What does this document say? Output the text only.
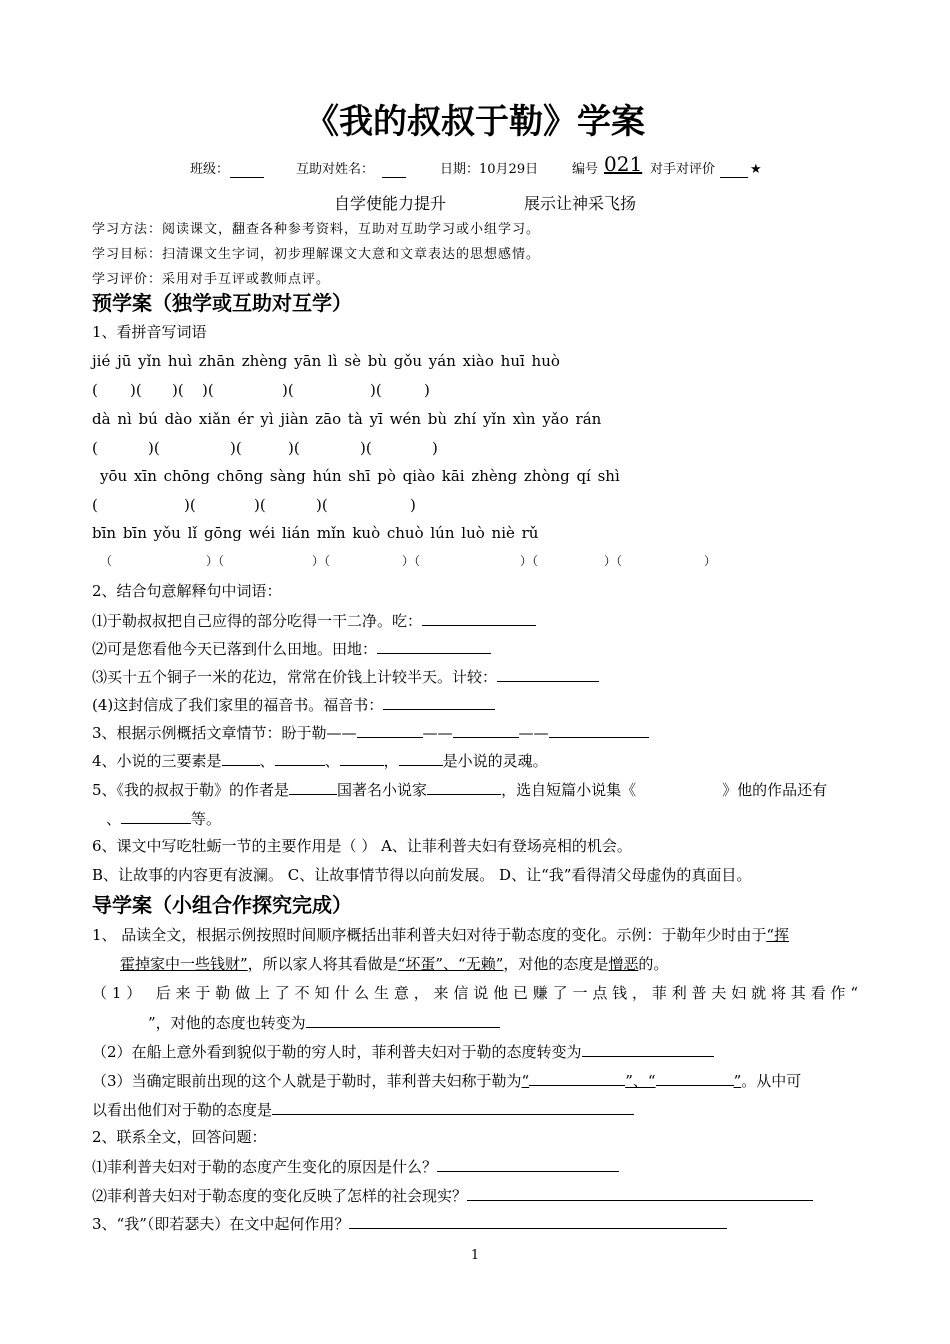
《我的叔叔于勒》学案
班级：	互助对姓名：	日期：10月29日	编号 021 对手对评价	★
自学使能力提升	展示让神采飞扬
学习方法：阅读课文，翻查各种参考资料，互助对互助学习或小组学习。
学习目标：扫清课文生字词，初步理解课文大意和文章表达的思想感情。
学习评价：采用对手互评或教师点评。
预学案（独学或互助对互学）
1、看拼音写词语
jié jū yǐn huì zhān zhèng yān lì sè bù gǒu yán xiào huī huò
( )( )( )(	)(	)(	)
dà nì bú dào xiǎn ér yì jiàn zāo tà yī wén bù zhí yǐn xìn yǎo rán
(	)(	)(	)(	)(	)
yōu xīn chōng chōng sàng hún shī pò qiào kāi zhèng zhòng qí shì
(	)(	)(	)(	)
bīn bīn yǒu lǐ gōng wéi lián mǐn kuò chuò lún luò niè rǔ
（	）（	）（	）（	）（	）（	）
2、结合句意解释句中词语：
⑴于勒叔叔把自己应得的部分吃得一干二净。吃：
⑵可是您看他今天已落到什么田地。田地：
⑶买十五个铜子一米的花边，常常在价钱上计较半天。计较：
(4)这封信成了我们家里的福音书。福音书：
3、根据示例概括文章情节：盼于勒——	——	——
4、小说的三要素是	、	、	，	是小说的灵魂。
5、《我的叔叔于勒》的作者是	国著名小说家	，选自短篇小说集《	》他的作品还有
、	等。
6、课文中写吃牡蛎一节的主要作用是（ ） A、让菲利普夫妇有登场亮相的机会。
B、让故事的内容更有波澜。 C、让故事情节得以向前发展。 D、让“我”看得清父母虚伪的真面目。
导学案（小组合作探究完成）
1、 品读全文，根据示例按照时间顺序概括出菲利普夫妇对待于勒态度的变化。示例：于勒年少时由于“挥
霍掉家中一些钱财”，所以家人将其看做是“坏蛋”、“无赖”，对他的态度是憎恶的。
（1） 后来于勒做上了不知什么生意，来信说他已赚了一点钱，菲利普夫妇就将其看作“
”，对他的态度也转变为
（2）在船上意外看到貌似于勒的穷人时，菲利普夫妇对于勒的态度转变为
（3）当确定眼前出现的这个人就是于勒时，菲利普夫妇称于勒为“	”、“	”。从中可
以看出他们对于勒的态度是
2、联系全文，回答问题：
⑴菲利普夫妇对于勒的态度产生变化的原因是什么？
⑵菲利普夫妇对于勒态度的变化反映了怎样的社会现实？
3、“我”（即若瑟夫）在文中起何作用？
1
